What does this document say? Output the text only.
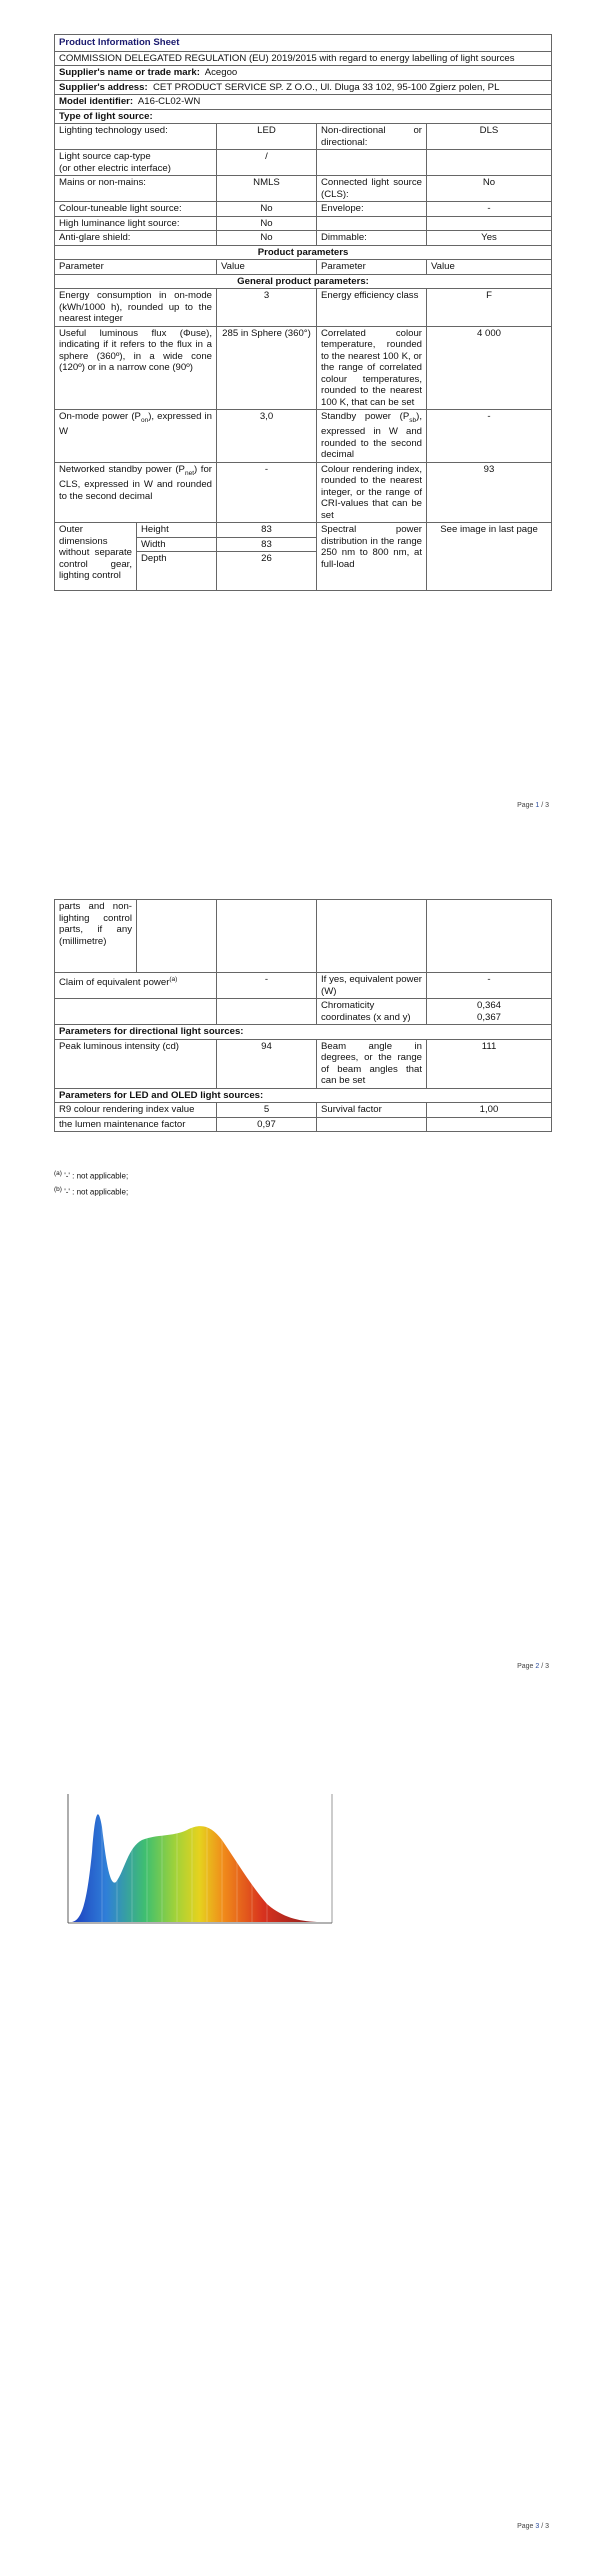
Product Information Sheet				
COMMISSION DELEGATED REGULATION (EU) 2019/2015 with regard to energy labelling of light sources				
Supplier's name or trade mark: Acegoo				
Supplier's address: CET PRODUCT SERVICE SP. Z O.O., Ul. Dluga 33 102, 95-100 Zgierz polen, PL				
Model identifier: A16-CL02-WN				
Type of light source:				
Lighting technology used:		LED	Non-directional or directional:	DLS
Light source cap-type
(or other electric interface)		/		
Mains or non-mains:		NMLS	Connected light source (CLS):	No
Colour-tuneable light source:		No	Envelope:	-
High luminance light source:		No		
Anti-glare shield:		No	Dimmable:	Yes
Product parameters				
Parameter		Value	Parameter	Value
General product parameters:				
Energy consumption in on-mode (kWh/1000 h), rounded up to the nearest integer		3	Energy efficiency class	F
Useful luminous flux (Φuse), indicating if it refers to the flux in a sphere (360º), in a wide cone (120º) or in a narrow cone (90º)		285 in Sphere (360°)	Correlated colour temperature, rounded to the nearest 100 K, or the range of correlated colour temperatures, rounded to the nearest 100 K, that can be set	4 000
On-mode power $(P_{on})$, expressed in W		3,0	Standby power $(P_{sb})$, expressed in W and rounded to the second decimal	-
Networked standby power $(P_{net})$ for CLS, expressed in W and rounded to the second decimal		-	Colour rendering index, rounded to the nearest integer, or the range of CRI-values that can be set	93
Outer dimensions without separate control gear, lighting control	Height	83	Spectral power distribution in the range 250 nm to 800 nm, at full-load	See image in last page
	Width	83		
	Depth	26		
Page 1 / 3
parts and non-lighting control parts, if any (millimetre)				
Claim of equivalent power$^{(a)}$		-	If yes, equivalent power (W)	-
			Chromaticity coordinates (x and y)	0,364
0,367
Parameters for directional light sources:				
Peak luminous intensity (cd)		94	Beam angle in degrees, or the range of beam angles that can be set	111
Parameters for LED and OLED light sources:				
R9 colour rendering index value		5	Survival factor	1,00
the lumen maintenance factor		0,97		
$^{(a)}$ '-' : not applicable;
$^{(b)}$ '-' : not applicable;
Page 2 / 3
Page 3 / 3
